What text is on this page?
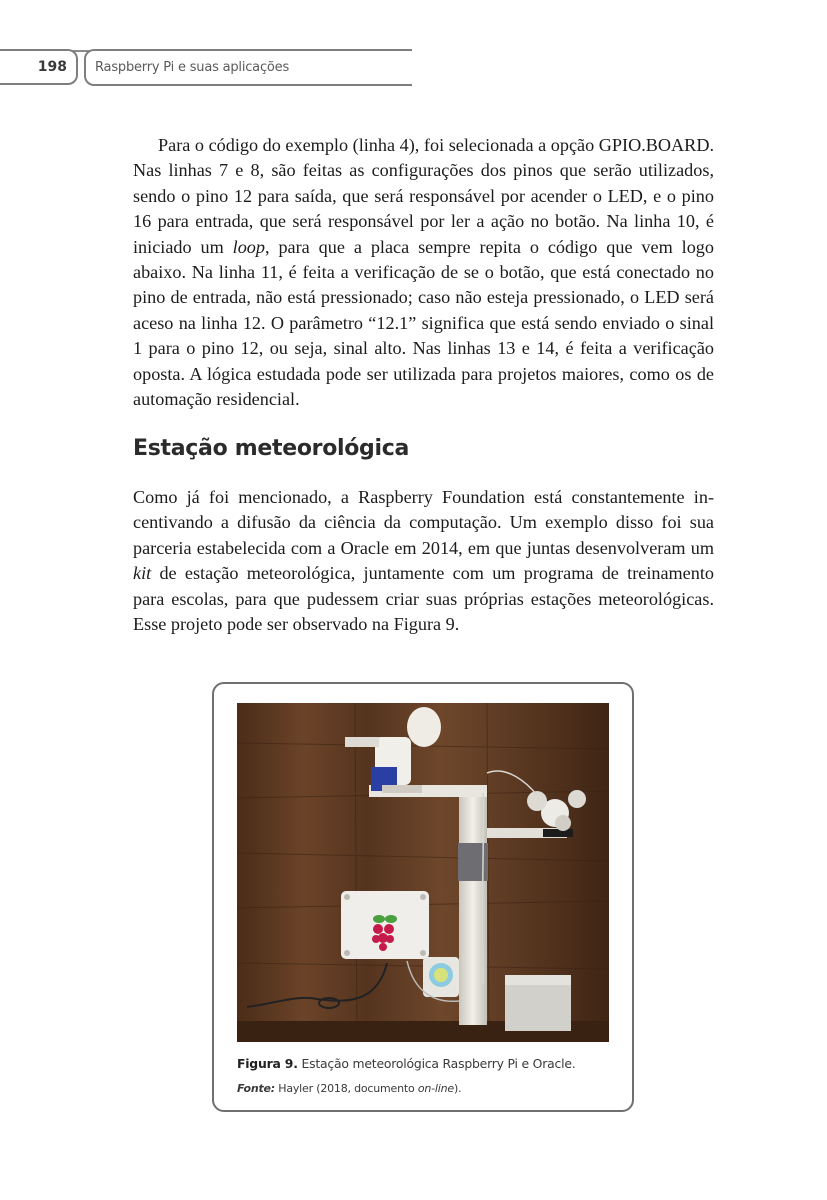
198	Raspberry Pi e suas aplicações

Para o código do exemplo (linha 4), foi selecionada a opção GPIO.BOARD. Nas linhas 7 e 8, são feitas as configurações dos pinos que serão utilizados, sendo o pino 12 para saída, que será responsável por acender o LED, e o pino 16 para entrada, que será responsável por ler a ação no botão. Na linha 10, é iniciado um loop, para que a placa sempre repita o código que vem logo abaixo. Na linha 11, é feita a verificação de se o botão, que está conectado no pino de entrada, não está pressionado; caso não esteja pressionado, o LED será aceso na linha 12. O parâmetro “12.1” significa que está sendo enviado o sinal 1 para o pino 12, ou seja, sinal alto. Nas linhas 13 e 14, é feita a verificação oposta. A lógica estudada pode ser utilizada para projetos maiores, como os de automação residencial.

Estação meteorológica

Como já foi mencionado, a Raspberry Foundation está constantemente incentivando a difusão da ciência da computação. Um exemplo disso foi sua parceria estabelecida com a Oracle em 2014, em que juntas desenvolveram um kit de estação meteorológica, juntamente com um programa de treinamento para escolas, para que pudessem criar suas próprias estações meteorológicas. Esse projeto pode ser observado na Figura 9.

Figura 9. Estação meteorológica Raspberry Pi e Oracle.

Fonte: Hayler (2018, documento on-line).
